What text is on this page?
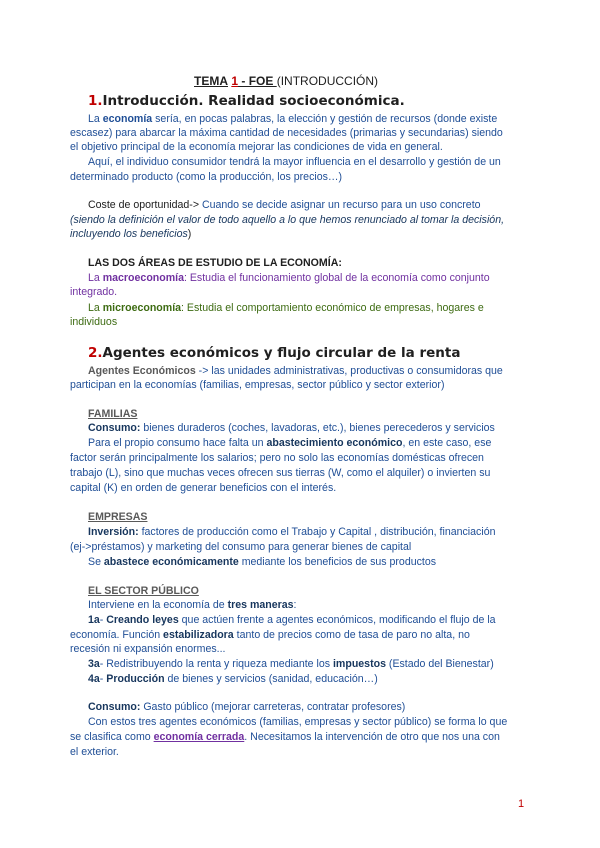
TEMA 1 - FOE (INTRODUCCIÓN)
1.Introducción. Realidad socioeconómica.
La economía sería, en pocas palabras, la elección y gestión de recursos (donde existe
escasez) para abarcar la máxima cantidad de necesidades (primarias y secundarias) siendo
el objetivo principal de la economía mejorar las condiciones de vida en general.
Aquí, el individuo consumidor tendrá la mayor influencia en el desarrollo y gestión de un
determinado producto (como la producción, los precios…)
Coste de oportunidad-> Cuando se decide asignar un recurso para un uso concreto
(siendo la definición el valor de todo aquello a lo que hemos renunciado al tomar la decisión,
incluyendo los beneficios)
LAS DOS ÁREAS DE ESTUDIO DE LA ECONOMÍA:
La macroeconomía: Estudia el funcionamiento global de la economía como conjunto
integrado.
La microeconomía: Estudia el comportamiento económico de empresas, hogares e
individuos
2.Agentes económicos y flujo circular de la renta
Agentes Económicos -> las unidades administrativas, productivas o consumidoras que
participan en la economías (familias, empresas, sector público y sector exterior)
FAMILIAS
Consumo: bienes duraderos (coches, lavadoras, etc.), bienes perecederos y servicios
Para el propio consumo hace falta un abastecimiento económico, en este caso, ese
factor serán principalmente los salarios; pero no solo las economías domésticas ofrecen
trabajo (L), sino que muchas veces ofrecen sus tierras (W, como el alquiler) o invierten su
capital (K) en orden de generar beneficios con el interés.
EMPRESAS
Inversión: factores de producción como el Trabajo y Capital , distribución, financiación
(ej->préstamos) y marketing del consumo para generar bienes de capital
Se abastece económicamente mediante los beneficios de sus productos
EL SECTOR PÚBLICO
Interviene en la economía de tres maneras:
1a- Creando leyes que actúen frente a agentes económicos, modificando el flujo de la
economía. Función estabilizadora tanto de precios como de tasa de paro no alta, no
recesión ni expansión enormes...
3a- Redistribuyendo la renta y riqueza mediante los impuestos (Estado del Bienestar)
4a- Producción de bienes y servicios (sanidad, educación…)
Consumo: Gasto público (mejorar carreteras, contratar profesores)
Con estos tres agentes económicos (familias, empresas y sector público) se forma lo que
se clasifica como economía cerrada. Necesitamos la intervención de otro que nos una con
el exterior.
1
